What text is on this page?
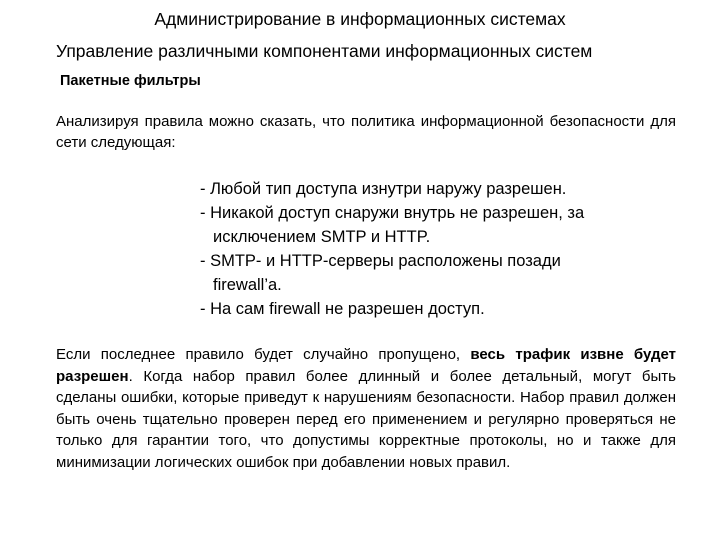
Администрирование в информационных системах
Управление различными компонентами информационных систем
Пакетные фильтры
Анализируя правила можно сказать, что политика информационной безопасности для сети следующая:
- Любой тип доступа изнутри наружу разрешен.
- Никакой доступ снаружи внутрь не разрешен, за
исключением SMTP и HTTP.
- SMTP- и HTTP-серверы расположены позади
firewall’a.
- На сам firewall не разрешен доступ.
Если последнее правило будет случайно пропущено, весь трафик извне будет разрешен. Когда набор правил более длинный и более детальный, могут быть сделаны ошибки, которые приведут к нарушениям безопасности. Набор правил должен быть очень тщательно проверен перед его применением и регулярно проверяться не только для гарантии того, что допустимы корректные протоколы, но и также для минимизации логических ошибок при добавлении новых правил.
